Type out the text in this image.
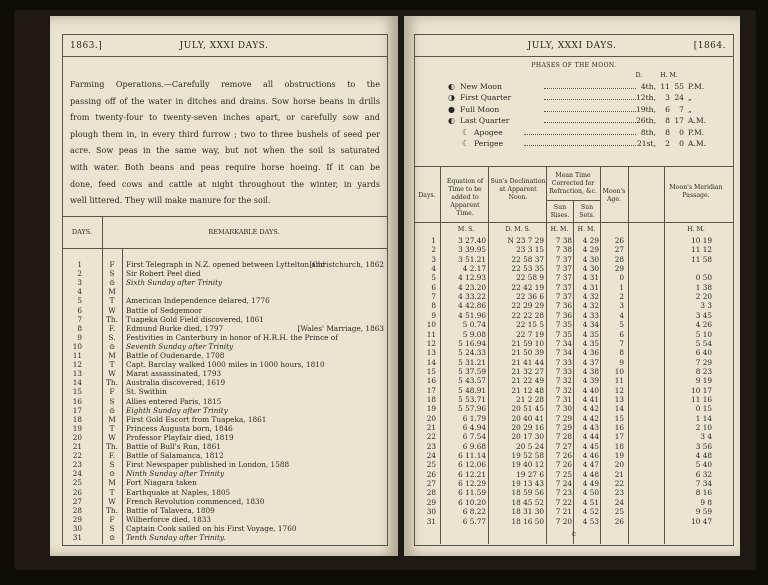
1863.]	JULY, XXXI DAYS.
Farming Operations.—Carefully remove all obstructions to the
passing off of the water in ditches and drains. Sow horse beans in drills
from twenty-four to twenty-seven inches apart, or carefully sow and
plough them in, in every third furrow ; two to three bushels of seed per
acre. Sow peas in the same way, but not when the soil is saturated
with water. Both beans and peas require horse hoeing. If it can be
done, feed cows and cattle at night throughout the winter, in yards
well littered. They will make manure for the soil.
DAYS.	REMARKABLE DAYS.
1	F	First Telegraph in N.Z. opened between Lyttelton and
[Christchurch, 1862
2	S	Sir Robert Peel died
3	⊙	Sixth Sunday after Trinity
4	M
5	T	American Independence delared, 1776
6	W	Battle of Sedgemoor
7	Th.	Tuapeka Gold Field discovered, 1861
8	F.	Edmund Burke died, 1797	[Wales' Marriage, 1863
9	S.	Festivities in Canterbury in honor of H.R.H. the Prince of
10	⊙	Seventh Sunday after Trinity
11	M	Battle of Oudenarde, 1708
12	T	Capt. Barclay walked 1000 miles in 1000 hours, 1810
13	W	Marat assassinated, 1793
14	Th.	Australia discovered, 1619
15	F	St. Swithin
16	S	Allies entered Paris, 1815
17	⊙	Eighth Sunday after Trinity
18	M	First Gold Escort from Tuapeka, 1861
19	T	Princess Augusta born, 1846
20	W	Professor Playfair died, 1819
21	Th.	Battle of Bull's Run, 1861
22	F.	Battle of Salamanca, 1812
23	S	First Newspaper published in London, 1588
24	⊙	Ninth Sunday after Trinity
25	M	Fort Niagara taken
26	T	Earthquake at Naples, 1805
27	W	French Revolution commenced, 1830
28	Th.	Battle of Talavera, 1809
29	F	Wilberforce died, 1833
30	S	Captain Cook sailed on his First Voyage, 1760
31	⊙	Tenth Sunday after Trinity.
JULY, XXXI DAYS.	[1864.
PHASES OF THE MOON.
D.	H. M.
◐ New Moon	4th, 11 55 P.M.
◑ First Quarter	12th,	3 24 „
● Full Moon	19th,	6	7 „
◐ Last Quarter	26th,	8 17 A.M.
☾ Apogee	8th,	8	0 P.M.
☾ Perigee	21st,	2	0 A.M.
Days.
Equation of Time to be added to Apparent Time.
Sun's Declination at Apparent Noon.
Mean Time Corrected for Refraction, &c.
Sun Rises.
Sun Sets.
Moon's Age.
Moon's Meridian Passage.
M. S.	D. M. S.	H. M.	H. M.	H. M.
1	3 27.40	N 23 7 29	7 38	4 29	26	10 19
2	3 39.95	23 3 15	7 38	4 29	27	11 12
3	3 51.21	22 58 37	7 37	4 30	28	11 58
4	4 2.17	22 53 35	7 37	4 30	29
5	4 12.93	22 58 9	7 37	4 31	0	0 50
6	4 23.20	22 42 19	7 37	4 31	1	1 38
7	4 33.22	22 36 6	7 37	4 32	2	2 20
8	4 42.86	22 29 29	7 36	4 32	3	3 3
9	4 51.96	22 22 28	7 36	4 33	4	3 45
10	5 0.74	22 15 5	7 35	4 34	5	4 26
11	5 9.08	22 7 19	7 35	4 35	6	5 10
12	5 16.94	21 59 10	7 34	4 35	7	5 54
13	5 24.33	21 50 39	7 34	4 36	8	6 40
14	5 31.21	21 41 44	7 33	4 37	9	7 29
15	5 37.59	21 32 27	7 33	4 38	10	8 23
16	5 43.57	21 22 49	7 32	4 39	11	9 19
17	5 48.91	21 12 48	7 32	4 40	12	10 17
18	5 53.71	21 2 28	7 31	4 41	13	11 16
19	5 57.96	20 51 45	7 30	4 42	14	0 15
20	6 1.79	20 40 41	7 29	4 42	15	1 14
21	6 4.94	20 29 16	7 29	4 43	16	2 10
22	6 7.54	20 17 30	7 28	4 44	17	3 4
23	6 9.68	20 5 24	7 27	4 45	18	3 56
24	6 11.14	19 52 58	7 26	4 46	19	4 48
25	6 12.06	19 40 12	7 26	4 47	20	5 40
26	6 12.21	19 27 6	7 25	4 48	21	6 32
27	6 12.29	19 13 43	7 24	4 49	22	7 34
28	6 11.59	18 59 56	7 23	4 50	23	8 16
29	6 10.20	18 45 52	7 22	4 51	24	9 8
30	6 8.22	18 31 30	7 21	4 52	25	9 59
31	6 5.77	18 16 50	7 20	4 53	26	10 47
c
